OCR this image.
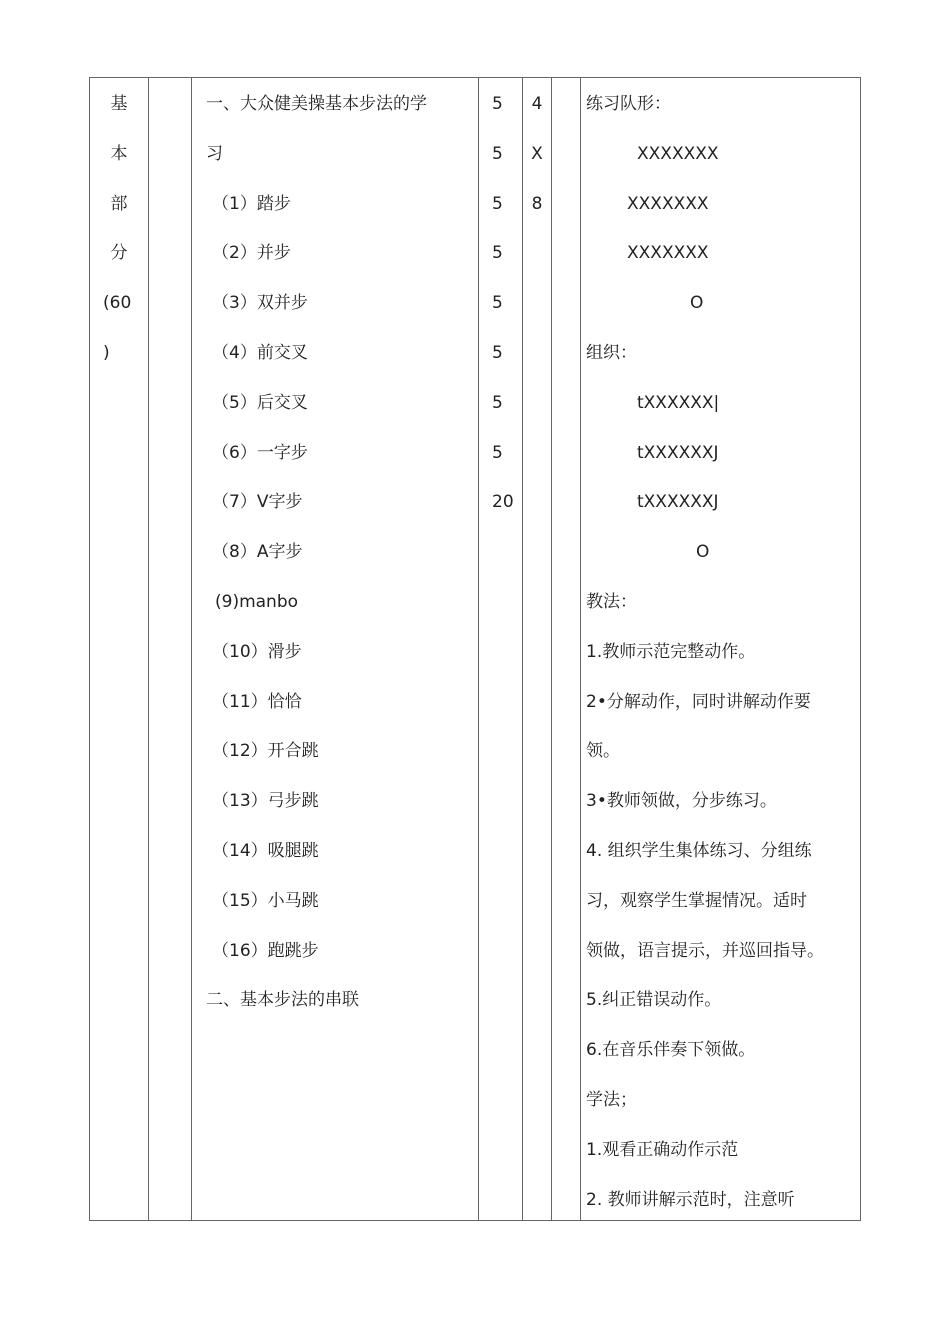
基
本
部
分
(60
)
一、大众健美操基本步法的学
习
（1）踏步
（2）并步
（3）双并步
（4）前交叉
（5）后交叉
（6）一字步
（7）V字步
（8）A字步
(9)manbo
（10）滑步
（11）恰恰
（12）开合跳
（13）弓步跳
（14）吸腿跳
（15）小马跳
（16）跑跳步
二、基本步法的串联
5
5
5
5
5
5
5
5
20
4
X
8
练习队形：
XXXXXXX
XXXXXXX
XXXXXXX
O
组织：
tXXXXXX|
tXXXXXXJ
tXXXXXXJ
O
教法：
1.教师示范完整动作。
2•分解动作，同时讲解动作要
领。
3•教师领做，分步练习。
4. 组织学生集体练习、分组练
习，观察学生掌握情况。适时
领做，语言提示，并巡回指导。
5.纠正错误动作。
6.在音乐伴奏下领做。
学法；
1.观看正确动作示范
2. 教师讲解示范时，注意听
